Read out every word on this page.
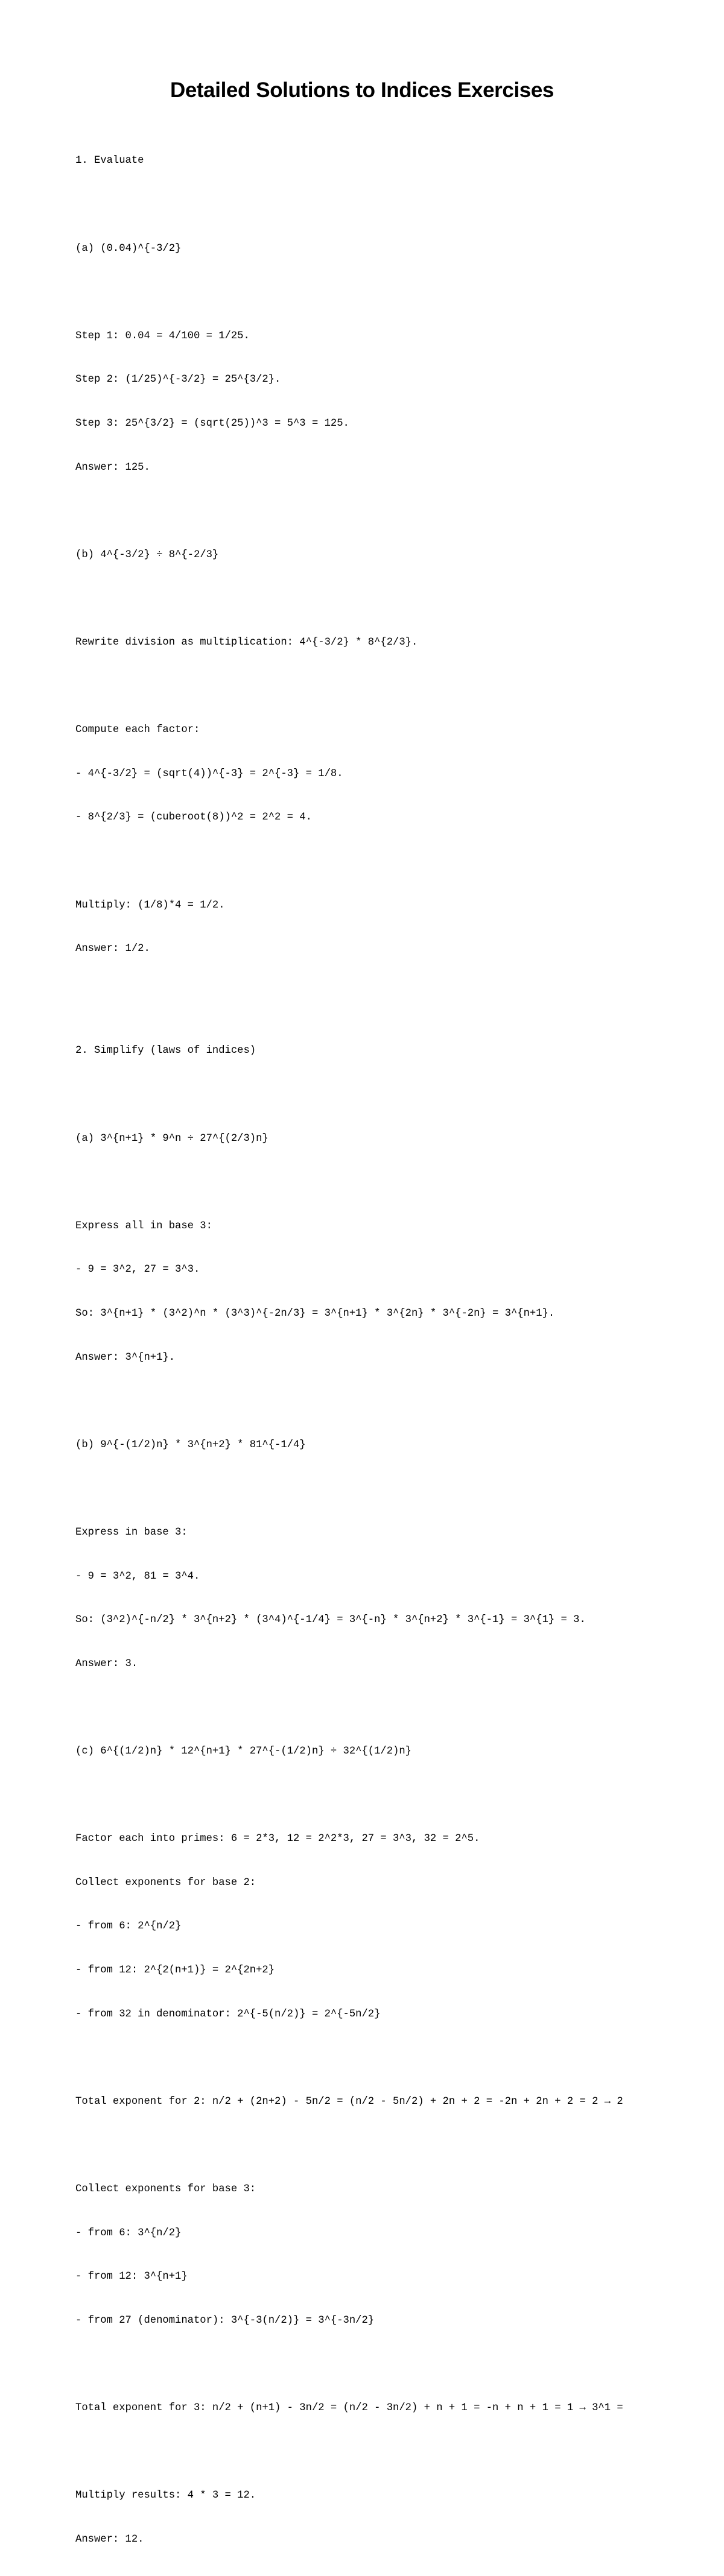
Detailed Solutions to Indices Exercises

1. Evaluate

(a) (0.04)^{-3/2}

Step 1: 0.04 = 4/100 = 1/25.

Step 2: (1/25)^{-3/2} = 25^{3/2}.

Step 3: 25^{3/2} = (sqrt(25))^3 = 5^3 = 125.

Answer: 125.

(b) 4^{-3/2} ÷ 8^{-2/3}

Rewrite division as multiplication: 4^{-3/2} * 8^{2/3}.

Compute each factor:

- 4^{-3/2} = (sqrt(4))^{-3} = 2^{-3} = 1/8.

- 8^{2/3} = (cuberoot(8))^2 = 2^2 = 4.

Multiply: (1/8)*4 = 1/2.

Answer: 1/2.

2. Simplify (laws of indices)

(a) 3^{n+1} * 9^n ÷ 27^{(2/3)n}

Express all in base 3:

- 9 = 3^2, 27 = 3^3.

So: 3^{n+1} * (3^2)^n * (3^3)^{-2n/3} = 3^{n+1} * 3^{2n} * 3^{-2n} = 3^{n+1}.

Answer: 3^{n+1}.

(b) 9^{-(1/2)n} * 3^{n+2} * 81^{-1/4}

Express in base 3:

- 9 = 3^2, 81 = 3^4.

So: (3^2)^{-n/2} * 3^{n+2} * (3^4)^{-1/4} = 3^{-n} * 3^{n+2} * 3^{-1} = 3^{1} = 3.

Answer: 3.

(c) 6^{(1/2)n} * 12^{n+1} * 27^{-(1/2)n} ÷ 32^{(1/2)n}

Factor each into primes: 6 = 2*3, 12 = 2^2*3, 27 = 3^3, 32 = 2^5.

Collect exponents for base 2:

- from 6: 2^{n/2}

- from 12: 2^{2(n+1)} = 2^{2n+2}

- from 32 in denominator: 2^{-5(n/2)} = 2^{-5n/2}

Total exponent for 2: n/2 + (2n+2) - 5n/2 = (n/2 - 5n/2) + 2n + 2 = -2n + 2n + 2 = 2 → 2

Collect exponents for base 3:

- from 6: 3^{n/2}

- from 12: 3^{n+1}

- from 27 (denominator): 3^{-3(n/2)} = 3^{-3n/2}

Total exponent for 3: n/2 + (n+1) - 3n/2 = (n/2 - 3n/2) + n + 1 = -n + n + 1 = 1 → 3^1 =

Multiply results: 4 * 3 = 12.

Answer: 12.
